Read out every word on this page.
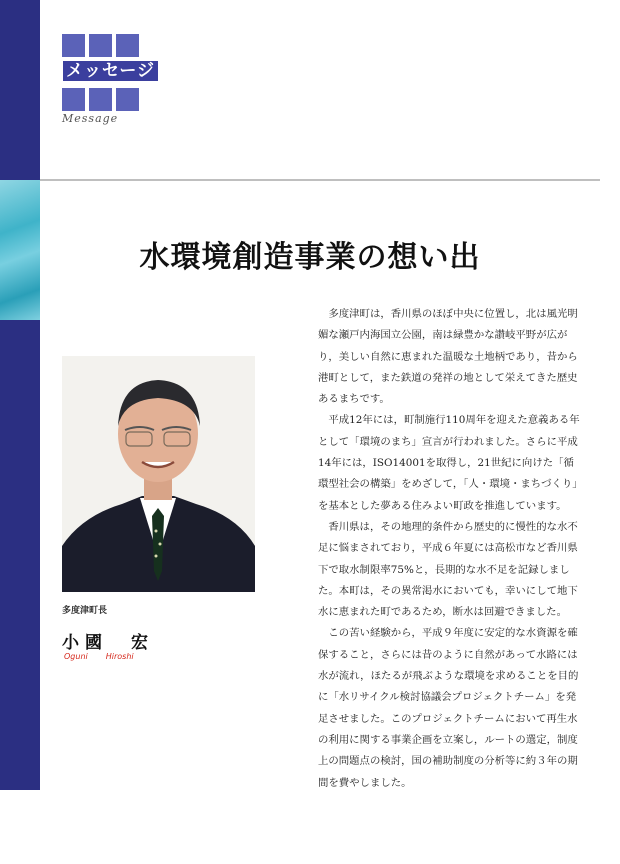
メッセージ
Message
水環境創造事業の想い出
多度津町長
小國　宏
Oguni Hiroshi

多度津町は，香川県のほぼ中央に位置し，北は風光明媚な瀬戸内海国立公園，南は緑豊かな讃岐平野が広がり，美しい自然に恵まれた温暖な土地柄であり，昔から港町として，また鉄道の発祥の地として栄えてきた歴史あるまちです。

平成12年には，町制施行110周年を迎えた意義ある年として「環境のまち」宣言が行われました。さらに平成14年には，ISO14001を取得し，21世紀に向けた「循環型社会の構築」をめざして，「人・環境・まちづくり」を基本とした夢ある住みよい町政を推進しています。

香川県は，その地理的条件から歴史的に慢性的な水不足に悩まされており，平成６年夏には高松市など香川県下で取水制限率75%と，長期的な水不足を記録しました。本町は，その異常渇水においても，幸いにして地下水に恵まれた町であるため，断水は回避できました。

この苦い経験から，平成９年度に安定的な水資源を確保すること，さらには昔のように自然があって水路には水が流れ，ほたるが飛ぶような環境を求めることを目的に「水リサイクル検討協議会プロジェクトチーム」を発足させました。このプロジェクトチームにおいて再生水の利用に関する事業企画を立案し，ルートの選定，制度上の問題点の検討，国の補助制度の分析等に約３年の期間を費やしました。
